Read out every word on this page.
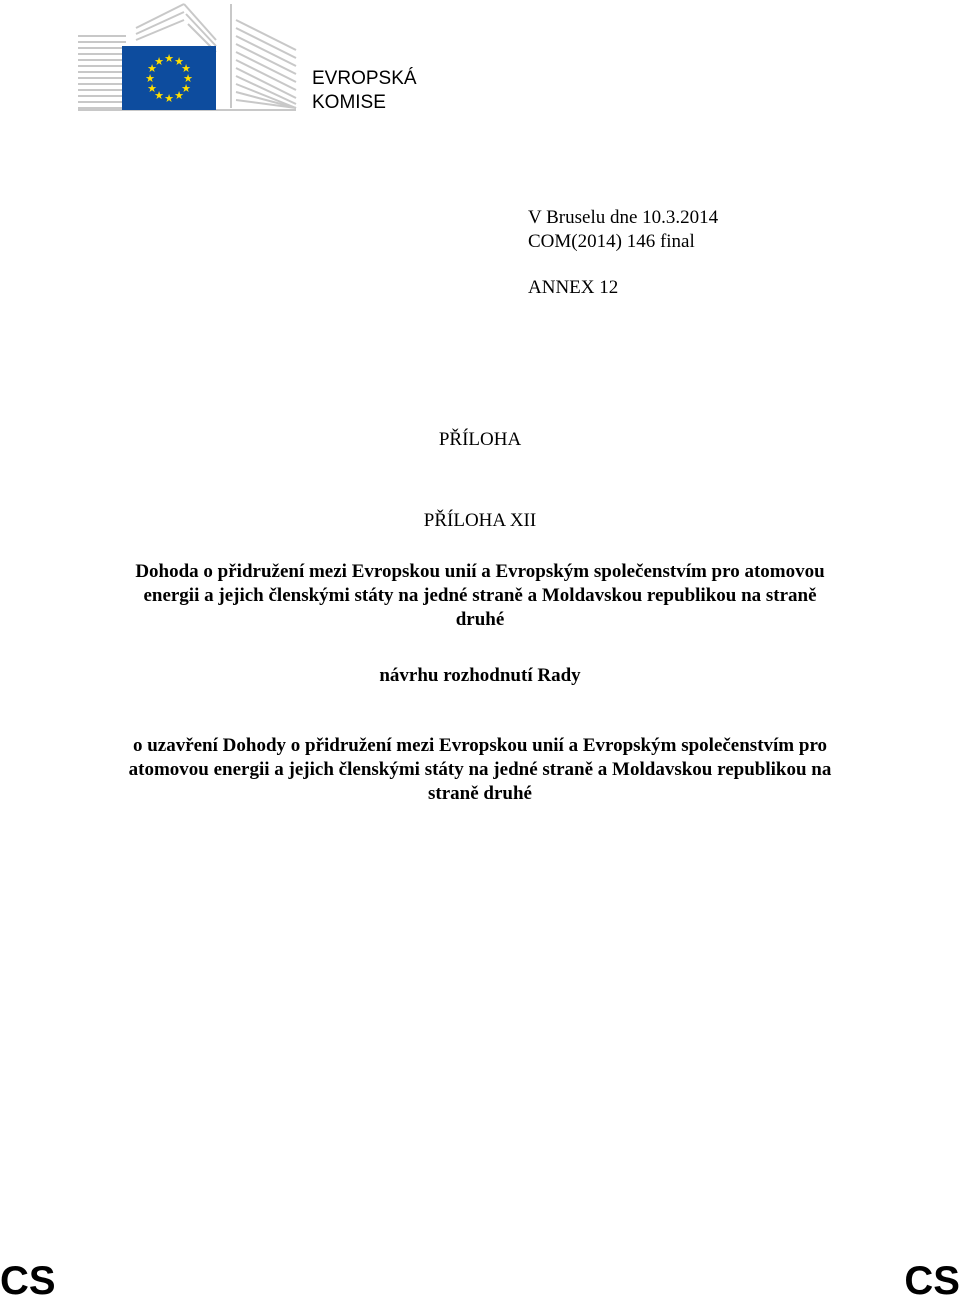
★ ★
★
★
★
★
★
★
★
★
★
★
EVROPSKÁ
KOMISE
V Bruselu dne 10.3.2014
COM(2014) 146 final
ANNEX 12
PŘÍLOHA
PŘÍLOHA XII
Dohoda o přidružení mezi Evropskou unií a Evropským společenstvím pro atomovou
energii a jejich členskými státy na jedné straně a Moldavskou republikou na straně
druhé
návrhu rozhodnutí Rady
o uzavření Dohody o přidružení mezi Evropskou unií a Evropským společenstvím pro
atomovou energii a jejich členskými státy na jedné straně a Moldavskou republikou na
straně druhé
CS	CS
